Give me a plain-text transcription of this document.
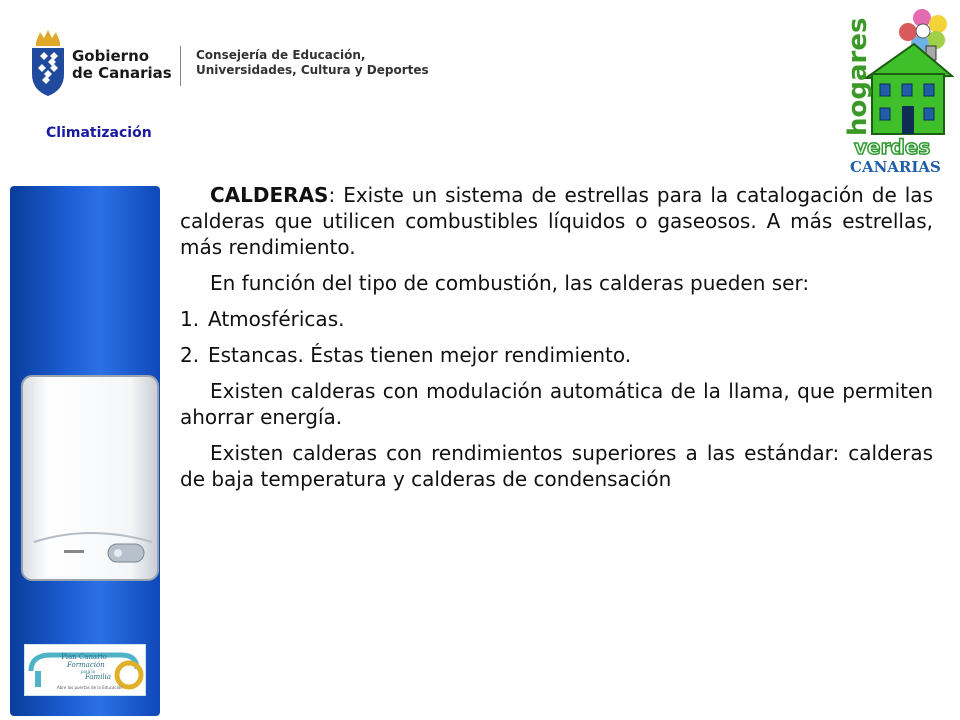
Gobierno
de Canarias
Consejería de Educación,
Universidades, Cultura y Deportes
Climatización	hogares
verdes
CANARIAS
Plan Canario
Formación
para la
Familia
Abre las puertas de la Educación

CALDERAS: Existe un sistema de estrellas para la catalogación de las calderas que utilicen combustibles líquidos o gaseosos. A más estrellas, más rendimiento.

En función del tipo de combustión, las calderas pueden ser:

1. Atmosféricas.
2. Estancas. Éstas tienen mejor rendimiento.

Existen calderas con modulación automática de la llama, que permiten ahorrar energía.

Existen calderas con rendimientos superiores a las estándar: calderas de baja temperatura y calderas de condensación
